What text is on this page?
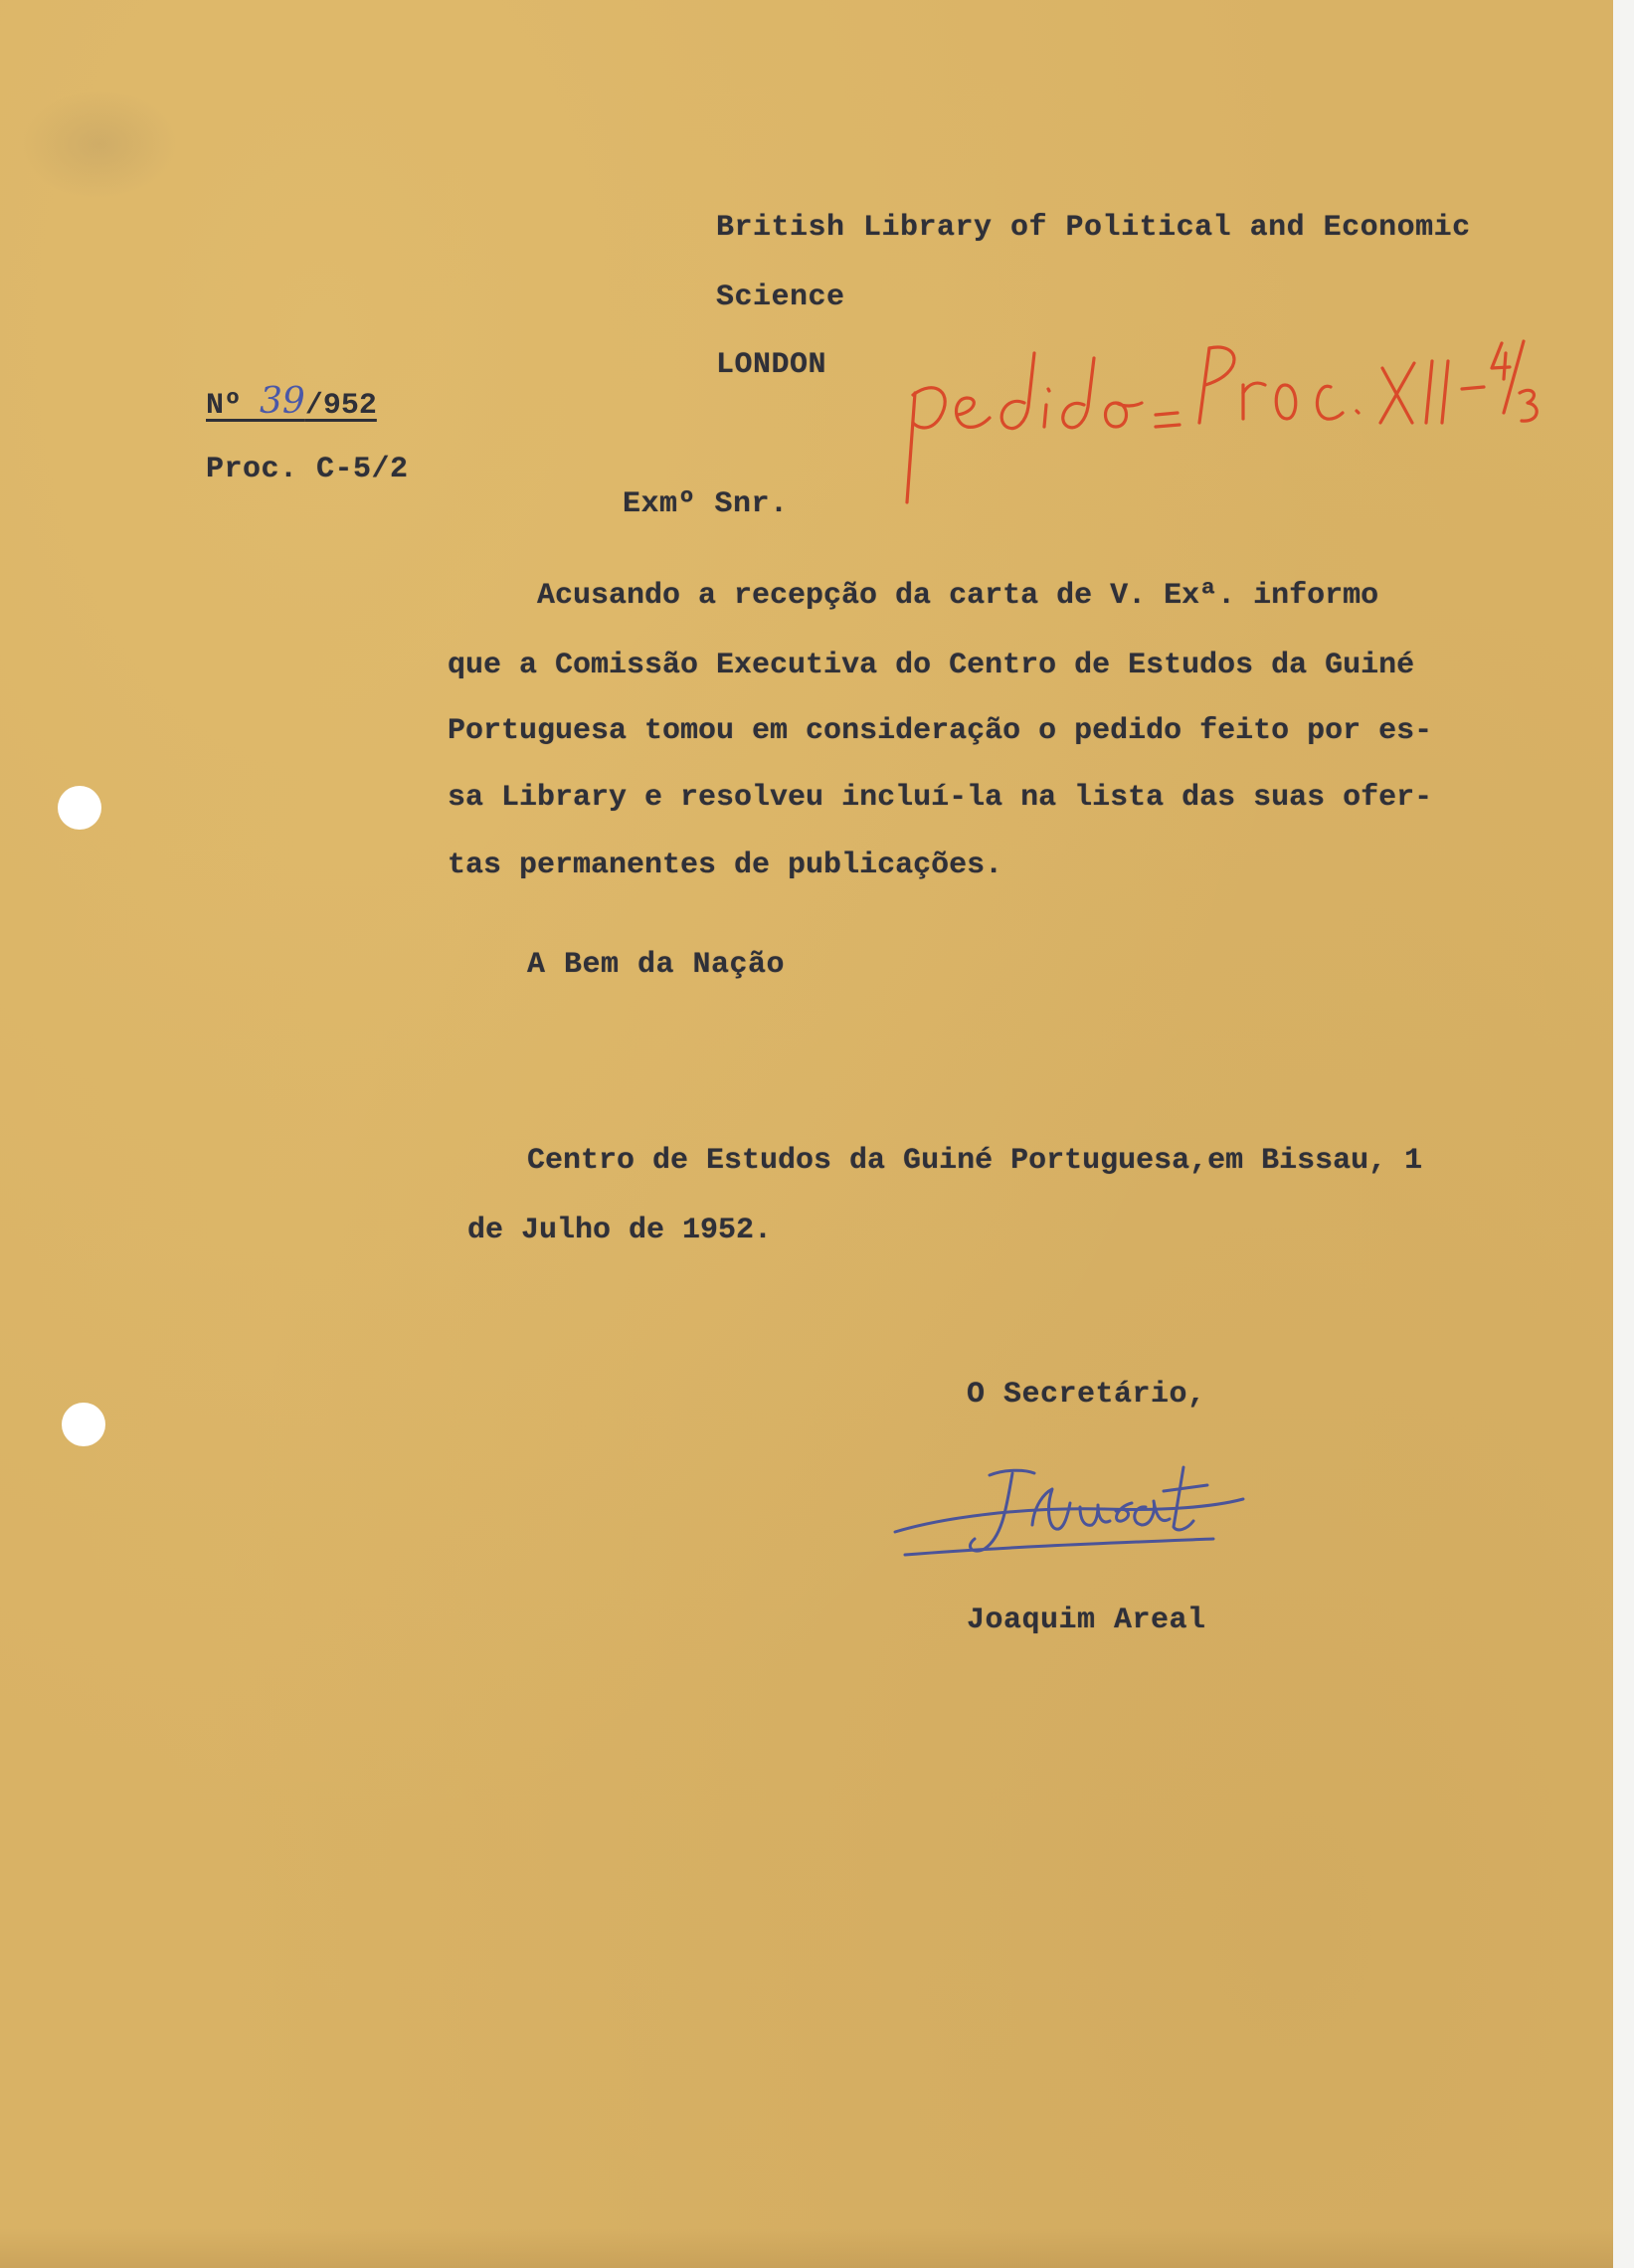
British Library of Political and Economic
Science
LONDON
Nº 39/952
Proc. C-5/2
Exmº Snr.
Acusando a recepção da carta de V. Exª. informo
que a Comissão Executiva do Centro de Estudos da Guiné
Portuguesa tomou em consideração o pedido feito por es-
sa Library e resolveu incluí-la na lista das suas ofer-
tas permanentes de publicações.
A Bem da Nação
Centro de Estudos da Guiné Portuguesa,em Bissau, 1
de Julho de 1952.
O Secretário,
Joaquim Areal
